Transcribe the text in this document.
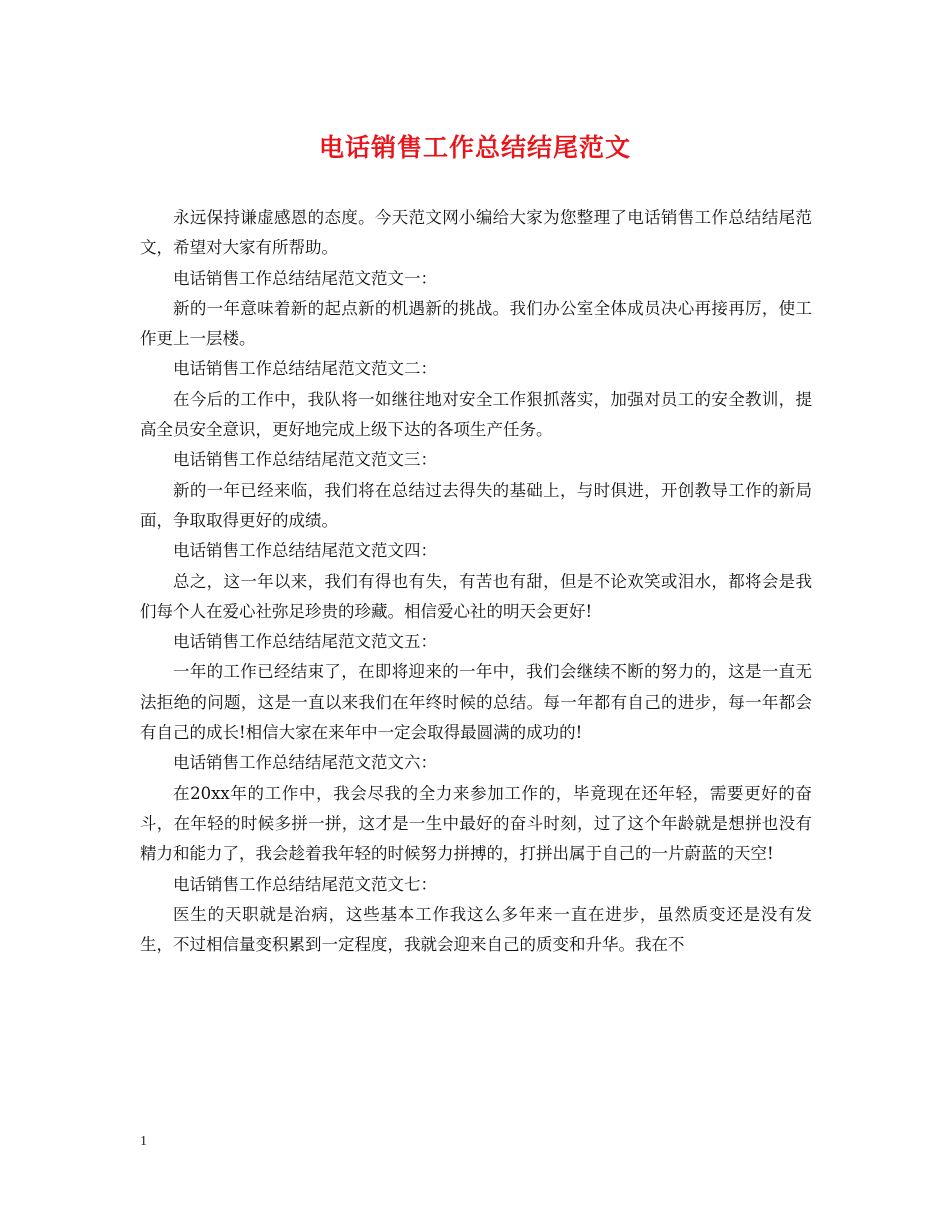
电话销售工作总结结尾范文

永远保持谦虚感恩的态度。今天范文网小编给大家为您整理了电话销售工作总结结尾范文，希望对大家有所帮助。

电话销售工作总结结尾范文范文一：

新的一年意味着新的起点新的机遇新的挑战。我们办公室全体成员决心再接再厉，使工作更上一层楼。

电话销售工作总结结尾范文范文二：

在今后的工作中，我队将一如继往地对安全工作狠抓落实，加强对员工的安全教训，提高全员安全意识，更好地完成上级下达的各项生产任务。

电话销售工作总结结尾范文范文三：

新的一年已经来临，我们将在总结过去得失的基础上，与时俱进，开创教导工作的新局面，争取取得更好的成绩。

电话销售工作总结结尾范文范文四：

总之，这一年以来，我们有得也有失，有苦也有甜，但是不论欢笑或泪水，都将会是我们每个人在爱心社弥足珍贵的珍藏。相信爱心社的明天会更好!

电话销售工作总结结尾范文范文五：

一年的工作已经结束了，在即将迎来的一年中，我们会继续不断的努力的，这是一直无法拒绝的问题，这是一直以来我们在年终时候的总结。每一年都有自己的进步，每一年都会有自己的成长!相信大家在来年中一定会取得最圆满的成功的!

电话销售工作总结结尾范文范文六：

在20xx年的工作中，我会尽我的全力来参加工作的，毕竟现在还年轻，需要更好的奋斗，在年轻的时候多拼一拼，这才是一生中最好的奋斗时刻，过了这个年龄就是想拼也没有精力和能力了，我会趁着我年轻的时候努力拼搏的，打拼出属于自己的一片蔚蓝的天空!

电话销售工作总结结尾范文范文七：

医生的天职就是治病，这些基本工作我这么多年来一直在进步，虽然质变还是没有发生，不过相信量变积累到一定程度，我就会迎来自己的质变和升华。我在不

1
